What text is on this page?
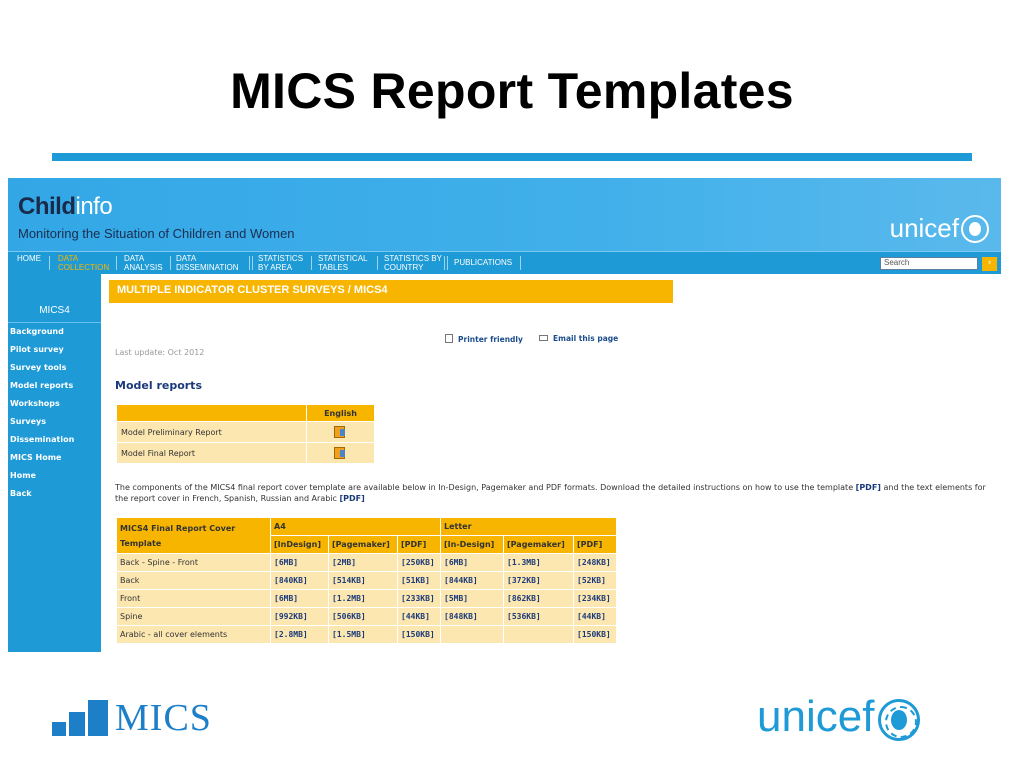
MICS Report Templates
Childinfo
Monitoring the Situation of Children and Women	unicef
HOME DATA COLLECTION
DATA ANALYSIS
DATA DISSEMINATION
STATISTICS BY AREA
STATISTICAL TABLES
STATISTICS BY COUNTRY	PUBLICATIONS	Search	›
MICS4
Background
Pilot survey
Survey tools
Model reports
Workshops
Surveys
Dissemination
MICS Home
Home
Back
MULTIPLE INDICATOR CLUSTER SURVEYS / MICS4
Printer friendly	Email this page
Last update: Oct 2012
Model reports
	English
Model Preliminary Report	
Model Final Report	
The components of the MICS4 final report cover template are available below in In-Design, Pagemaker and PDF formats. Download the detailed instructions on how to use the template [PDF] and the text elements for the report cover in French, Spanish, Russian and Arabic [PDF]
MICS4 Final Report Cover Template	A4			Letter		
	[InDesign]	[Pagemaker]	[PDF]	[In-Design]	[Pagemaker]	[PDF]
Back - Spine - Front	[6MB]	[2MB]	[250KB]	[6MB]	[1.3MB]	[248KB]
Back	[840KB]	[514KB]	[51KB]	[844KB]	[372KB]	[52KB]
Front	[6MB]	[1.2MB]	[233KB]	[5MB]	[862KB]	[234KB]
Spine	[992KB]	[506KB]	[44KB]	[848KB]	[536KB]	[44KB]
Arabic - all cover elements	[2.8MB]	[1.5MB]	[150KB]			[150KB]
MICS	unicef
